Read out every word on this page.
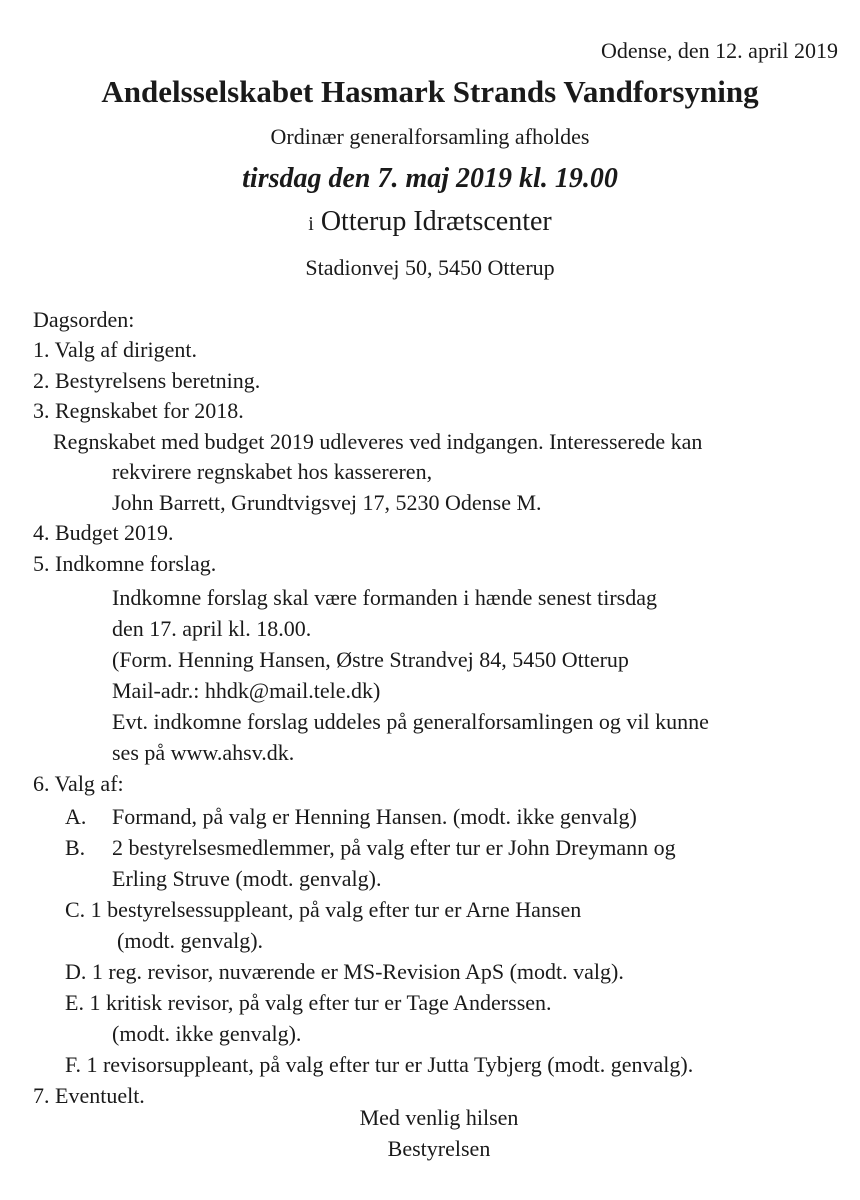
Odense, den 12. april 2019
Andelsselskabet Hasmark Strands Vandforsyning
Ordinær generalforsamling afholdes
tirsdag den 7. maj 2019 kl. 19.00
i Otterup Idrætscenter
Stadionvej 50, 5450 Otterup
Dagsorden:
1. Valg af dirigent.
2. Bestyrelsens beretning.
3. Regnskabet for 2018.
Regnskabet med budget 2019 udleveres ved indgangen. Interesserede kan
rekvirere regnskabet hos kassereren,
John Barrett, Grundtvigsvej 17, 5230 Odense M.
4. Budget 2019.
5. Indkomne forslag.
Indkomne forslag skal være formanden i hænde senest tirsdag
den 17. april kl. 18.00.
(Form. Henning Hansen, Østre Strandvej 84, 5450 Otterup
Mail-adr.: hhdk@mail.tele.dk)
Evt. indkomne forslag uddeles på generalforsamlingen og vil kunne
ses på www.ahsv.dk.
6. Valg af:
A. Formand, på valg er Henning Hansen. (modt. ikke genvalg)
B. 2 bestyrelsesmedlemmer, på valg efter tur er John Dreymann og
Erling Struve (modt. genvalg).
C. 1 bestyrelsessuppleant, på valg efter tur er Arne Hansen
(modt. genvalg).
D. 1 reg. revisor, nuværende er MS-Revision ApS (modt. valg).
E. 1 kritisk revisor, på valg efter tur er Tage Anderssen.
(modt. ikke genvalg).
F. 1 revisorsuppleant, på valg efter tur er Jutta Tybjerg (modt. genvalg).
7. Eventuelt.
Med venlig hilsen
Bestyrelsen
